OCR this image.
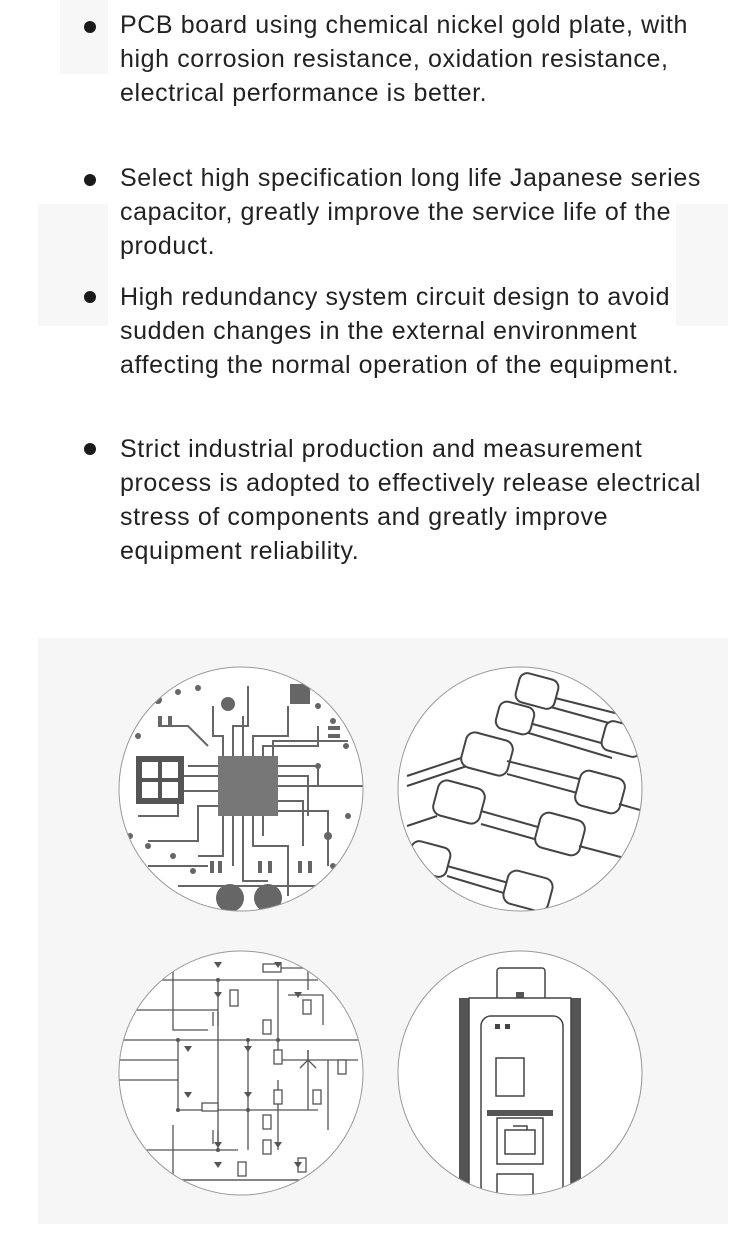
PCB board using chemical nickel gold plate, with high corrosion resistance, oxidation resistance, electrical performance is better.
Select high specification long life Japanese series capacitor, greatly improve the service life of the product.
High redundancy system circuit design to avoid sudden changes in the external environment affecting the normal operation of the equipment.
Strict industrial production and measurement process is adopted to effectively release electrical stress of components and greatly improve equipment reliability.
